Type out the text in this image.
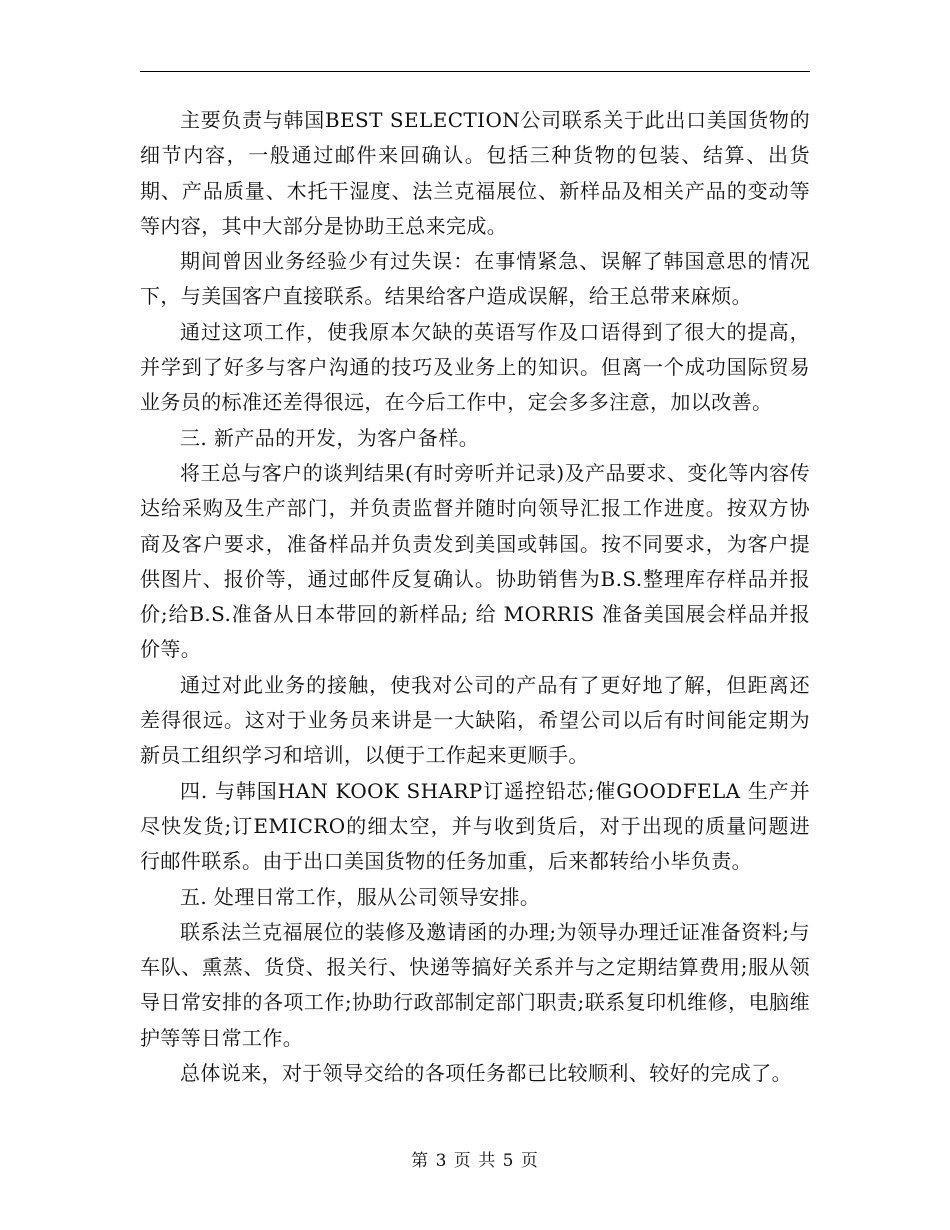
主要负责与韩国BEST SELECTION公司联系关于此出口美国货物的细节内容，一般通过邮件来回确认。包括三种货物的包装、结算、出货期、产品质量、木托干湿度、法兰克福展位、新样品及相关产品的变动等等内容，其中大部分是协助王总来完成。

期间曾因业务经验少有过失误：在事情紧急、误解了韩国意思的情况下，与美国客户直接联系。结果给客户造成误解，给王总带来麻烦。

通过这项工作，使我原本欠缺的英语写作及口语得到了很大的提高，并学到了好多与客户沟通的技巧及业务上的知识。但离一个成功国际贸易业务员的标准还差得很远，在今后工作中，定会多多注意，加以改善。

三. 新产品的开发，为客户备样。

将王总与客户的谈判结果(有时旁听并记录)及产品要求、变化等内容传达给采购及生产部门，并负责监督并随时向领导汇报工作进度。按双方协商及客户要求，准备样品并负责发到美国或韩国。按不同要求，为客户提供图片、报价等，通过邮件反复确认。协助销售为B.S.整理库存样品并报价;给B.S.准备从日本带回的新样品; 给 MORRIS 准备美国展会样品并报价等。

通过对此业务的接触，使我对公司的产品有了更好地了解，但距离还差得很远。这对于业务员来讲是一大缺陷，希望公司以后有时间能定期为新员工组织学习和培训，以便于工作起来更顺手。

四. 与韩国HAN KOOK SHARP订遥控铅芯;催GOODFELA 生产并尽快发货;订EMICRO的细太空，并与收到货后，对于出现的质量问题进行邮件联系。由于出口美国货物的任务加重，后来都转给小毕负责。

五. 处理日常工作，服从公司领导安排。

联系法兰克福展位的装修及邀请函的办理;为领导办理迁证准备资料;与车队、熏蒸、货贷、报关行、快递等搞好关系并与之定期结算费用;服从领导日常安排的各项工作;协助行政部制定部门职责;联系复印机维修，电脑维护等等日常工作。

总体说来，对于领导交给的各项任务都已比较顺利、较好的完成了。

第 3 页 共 5 页
